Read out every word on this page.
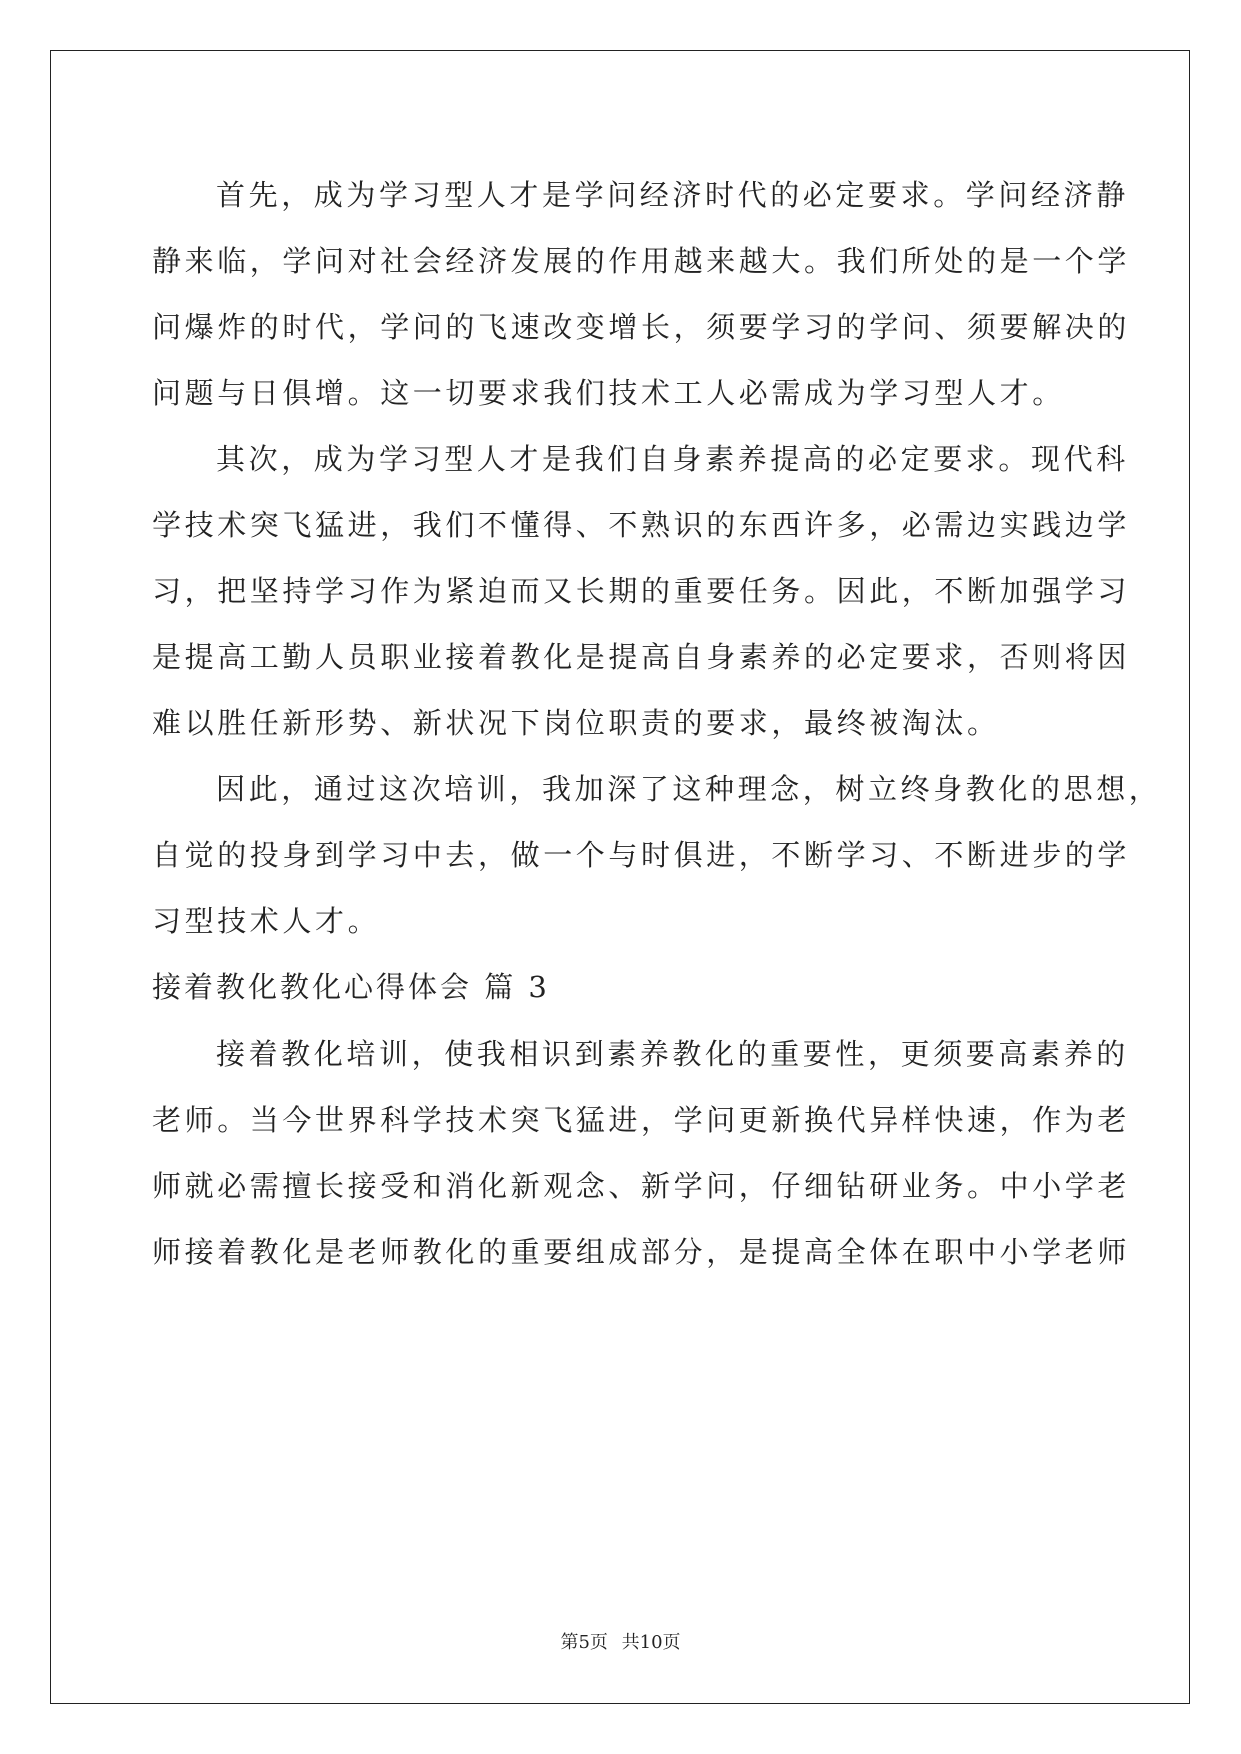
首先，成为学习型人才是学问经济时代的必定要求。学问经济静
静来临，学问对社会经济发展的作用越来越大。我们所处的是一个学
问爆炸的时代，学问的飞速改变增长，须要学习的学问、须要解决的
问题与日俱增。这一切要求我们技术工人必需成为学习型人才。
其次，成为学习型人才是我们自身素养提高的必定要求。现代科
学技术突飞猛进，我们不懂得、不熟识的东西许多，必需边实践边学
习，把坚持学习作为紧迫而又长期的重要任务。因此，不断加强学习
是提高工勤人员职业接着教化是提高自身素养的必定要求，否则将因
难以胜任新形势、新状况下岗位职责的要求，最终被淘汰。
因此，通过这次培训，我加深了这种理念，树立终身教化的思想，
自觉的投身到学习中去，做一个与时俱进，不断学习、不断进步的学
习型技术人才。
接着教化教化心得体会 篇 3
接着教化培训，使我相识到素养教化的重要性，更须要高素养的
老师。当今世界科学技术突飞猛进，学问更新换代异样快速，作为老
师就必需擅长接受和消化新观念、新学问，仔细钻研业务。中小学老
师接着教化是老师教化的重要组成部分，是提高全体在职中小学老师
第5页 共10页
